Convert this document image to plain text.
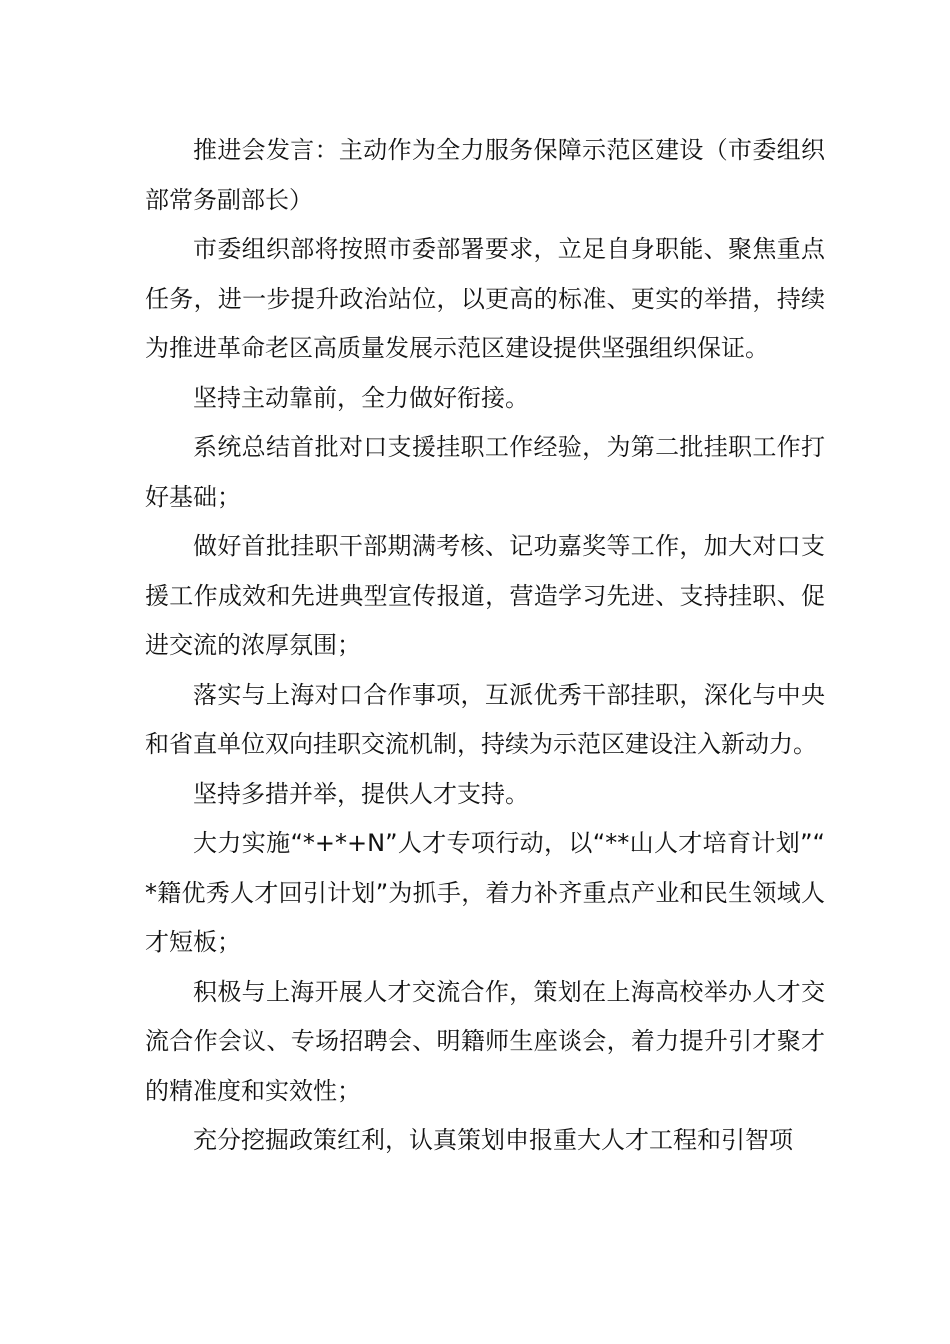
推进会发言：主动作为全力服务保障示范区建设（市委组织部常务副部长）

市委组织部将按照市委部署要求，立足自身职能、聚焦重点任务，进一步提升政治站位，以更高的标准、更实的举措，持续为推进革命老区高质量发展示范区建设提供坚强组织保证。

坚持主动靠前，全力做好衔接。

系统总结首批对口支援挂职工作经验，为第二批挂职工作打好基础；

做好首批挂职干部期满考核、记功嘉奖等工作，加大对口支援工作成效和先进典型宣传报道，营造学习先进、支持挂职、促进交流的浓厚氛围；

落实与上海对口合作事项，互派优秀干部挂职，深化与中央和省直单位双向挂职交流机制，持续为示范区建设注入新动力。

坚持多措并举，提供人才支持。

大力实施“*+*+N”人才专项行动，以“**山人才培育计划”“*籍优秀人才回引计划”为抓手，着力补齐重点产业和民生领域人才短板；

积极与上海开展人才交流合作，策划在上海高校举办人才交流合作会议、专场招聘会、明籍师生座谈会，着力提升引才聚才的精准度和实效性；

充分挖掘政策红利，认真策划申报重大人才工程和引智项
